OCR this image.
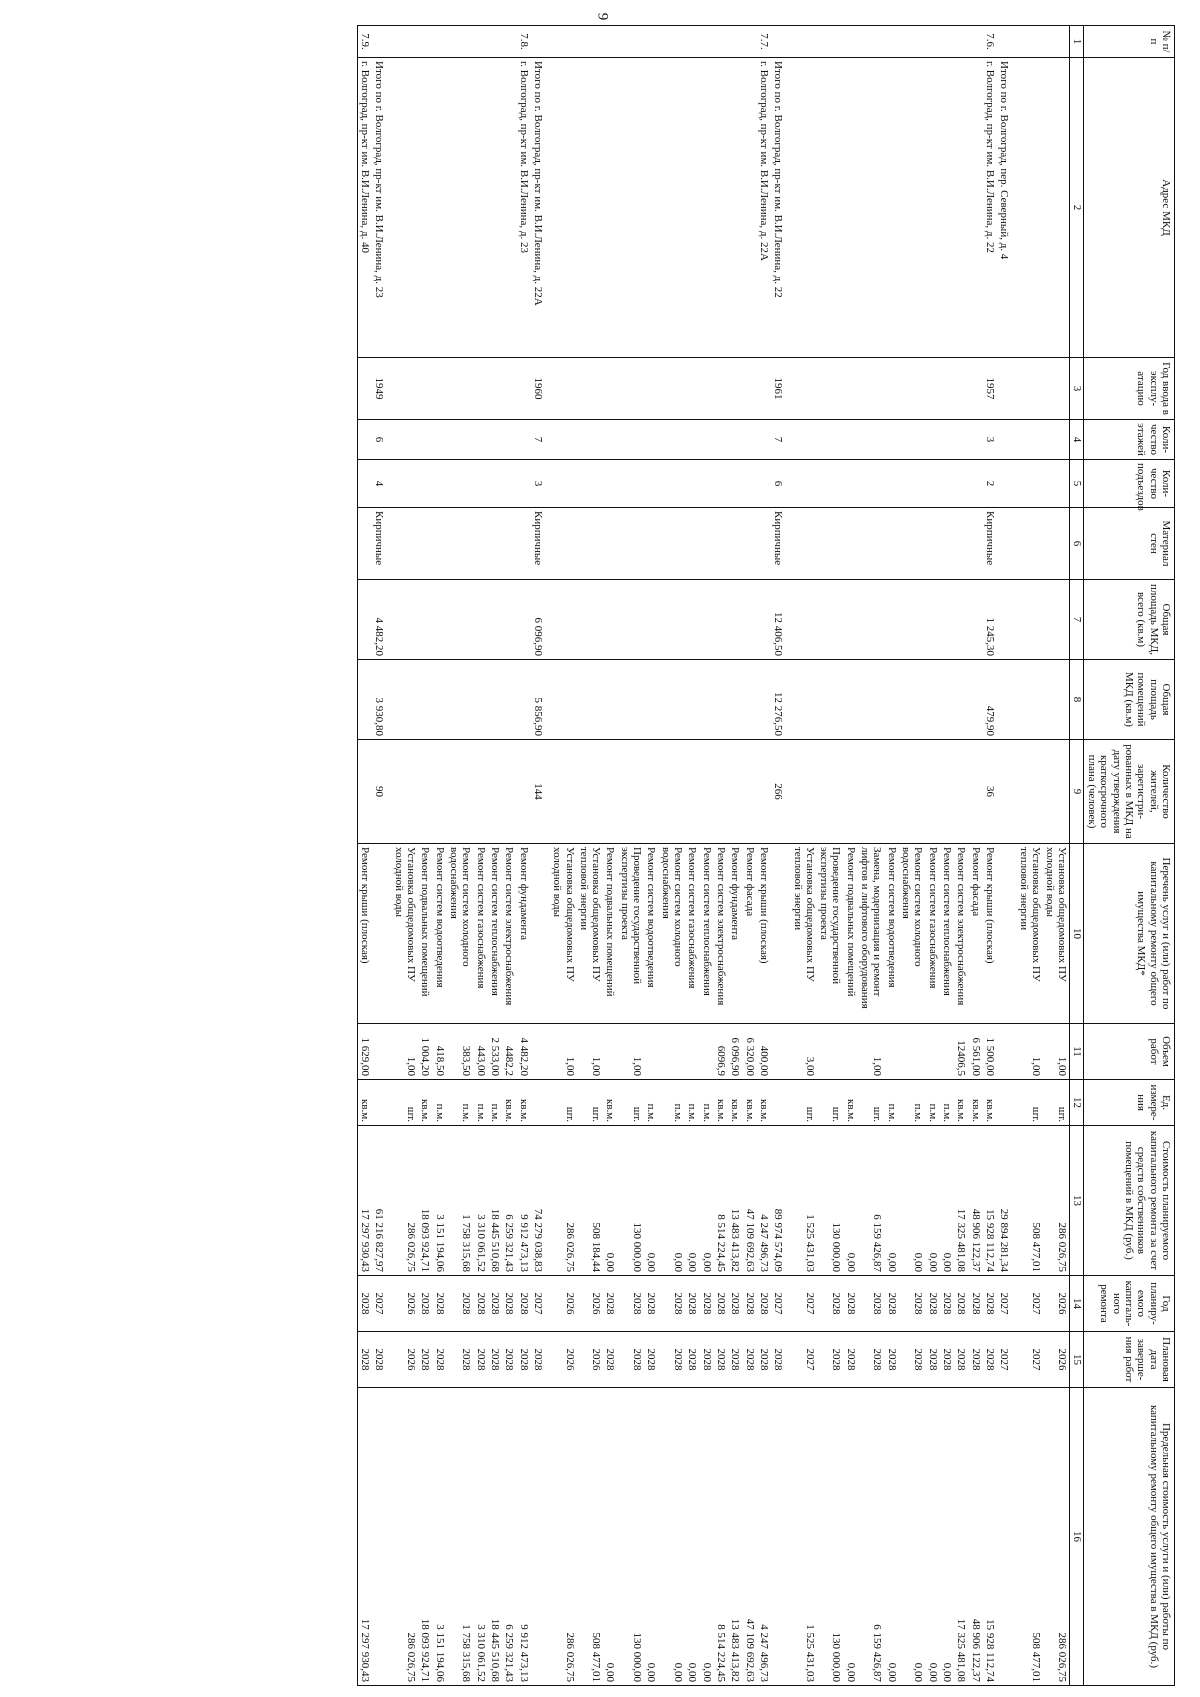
9
№ п/п	Адрес МКД	Год ввода в эксплу-атацию	Коли-чество этажей	Коли-чество подъездов	Материал стен	Общая площадь МКД, всего (кв.м)	Общая площадь помещений МКД (кв.м)	Количество жителей, зарегистри-рованных в МКД на дату утверждения краткосрочного плана (человек)	Перечень услуг и (или) работ по капитальному ремонту общего имущества МКД*	Объем работ	Ед. измере-ния	Стоимость планируемого капитального ремонта за счет средств собственников помещений в МКД (руб.)	Год планиру-емого капиталь-ного ремонта	Плановая дата заверше-ния работ	Предельная стоимость услуги и (или) работы по капитальному ремонту общего имущества в МКД (руб.)
1	2	3	4	5	6	7	8	9	10	11	12	13	14	15	16
									Установка общедомовых ПУ холодной воды	1,00	шт.	286 026,75	2026	2026	286 026,75
									Установка общедомовых ПУ тепловой энергии	1,00	шт.	508 477,01	2027	2027	508 477,01
	Итого по г. Волгоград, пер. Северный, д. 4											29 894 281,34	2027	2027	
7.6.	г. Волгоград, пр-кт им. В.И.Ленина, д. 22	1957	3	2	Кирпичные	1 245,30	479,90	36	Ремонт крыши (плоская)	1 500,00	кв.м.	15 928 112,74	2028	2028	15 928 112,74
									Ремонт фасада	6 561,00	кв.м.	48 906 122,37	2028	2028	48 906 122,37
									Ремонт систем электроснабжения	12406,5	кв.м.	17 325 481,08	2028	2028	17 325 481,08
									Ремонт систем теплоснабжения		п.м.	0,00	2028	2028	0,00
									Ремонт систем газоснабжения		п.м.	0,00	2028	2028	0,00
									Ремонт систем холодного водоснабжения		п.м.	0,00	2028	2028	0,00
									Ремонт систем водоотведения		п.м.	0,00	2028	2028	0,00
									Замена, модернизация и ремонт лифтов и лифтового оборудования	1,00	шт.	6 159 426,87	2028	2028	6 159 426,87
									Ремонт подвальных помещений		кв.м.	0,00	2028	2028	0,00
									Проведение государственной экспертизы проекта		шт.	130 000,00	2028	2028	130 000,00
									Установка общедомовых ПУ тепловой энергии	3,00	шт.	1 525 431,03	2027	2027	1 525 431,03
	Итого по г. Волгоград, пр-кт им. В.И.Ленина, д. 22	1961	7	6	Кирпичные	12 406,50	12 276,50	266				89 974 574,09	2027	2028	
7.7.	г. Волгоград, пр-кт им. В.И.Ленина, д. 22А								Ремонт крыши (плоская)	400,00	кв.м.	4 247 496,73	2028	2028	4 247 496,73
									Ремонт фасада	6 320,00	кв.м.	47 109 692,63	2028	2028	47 109 692,63
									Ремонт фундамента	6 096,90	кв.м.	13 483 413,82	2028	2028	13 483 413,82
									Ремонт систем электроснабжения	6096,9	кв.м.	8 514 224,45	2028	2028	8 514 224,45
									Ремонт систем теплоснабжения		п.м.	0,00	2028	2028	0,00
									Ремонт систем газоснабжения		п.м.	0,00	2028	2028	0,00
									Ремонт систем холодного водоснабжения		п.м.	0,00	2028	2028	0,00
									Ремонт систем водоотведения		п.м.	0,00	2028	2028	0,00
									Проведение государственной экспертизы проекта	1,00	шт.	130 000,00	2028	2028	130 000,00
									Ремонт подвальных помещений		кв.м.	0,00	2028	2028	0,00
									Установка общедомовых ПУ тепловой энергии	1,00	шт.	508 184,44	2026	2026	508 477,01
									Установка общедомовых ПУ холодной воды	1,00	шт.	286 026,75	2026	2026	286 026,75
	Итого по г. Волгоград, пр-кт им. В.И.Ленина, д. 22А	1960	7	3	Кирпичные	6 096,90	5 856,90	144				74 279 038,83	2027	2028	
7.8.	г. Волгоград, пр-кт им. В.И.Ленина, д. 23								Ремонт фундамента	4 482,20	кв.м.	9 912 473,13	2028	2028	9 912 473,13
									Ремонт систем электроснабжения	4482,2	кв.м.	6 259 321,43	2028	2028	6 259 321,43
									Ремонт систем теплоснабжения	2 533,00	п.м.	18 445 510,68	2028	2028	18 445 510,68
									Ремонт систем газоснабжения	443,00	п.м.	3 310 061,52	2028	2028	3 310 061,52
									Ремонт систем холодного водоснабжения	383,50	п.м.	1 758 315,68	2028	2028	1 758 315,68
									Ремонт систем водоотведения	418,50	п.м.	3 151 194,06	2028	2028	3 151 194,06
									Ремонт подвальных помещений	1 004,20	кв.м.	18 093 924,71	2028	2028	18 093 924,71
									Установка общедомовых ПУ холодной воды	1,00	шт.	286 026,75	2026	2026	286 026,75
	Итого по г. Волгоград, пр-кт им. В.И.Ленина, д. 23	1949	6	4	Кирпичные	4 482,20	3 930,80	90				61 216 827,97	2027	2028	
7.9.	г. Волгоград, пр-кт им. В.И.Ленина, д. 40								Ремонт крыши (плоская)	1 629,00	кв.м.	17 297 930,43	2028	2028	17 297 930,43
